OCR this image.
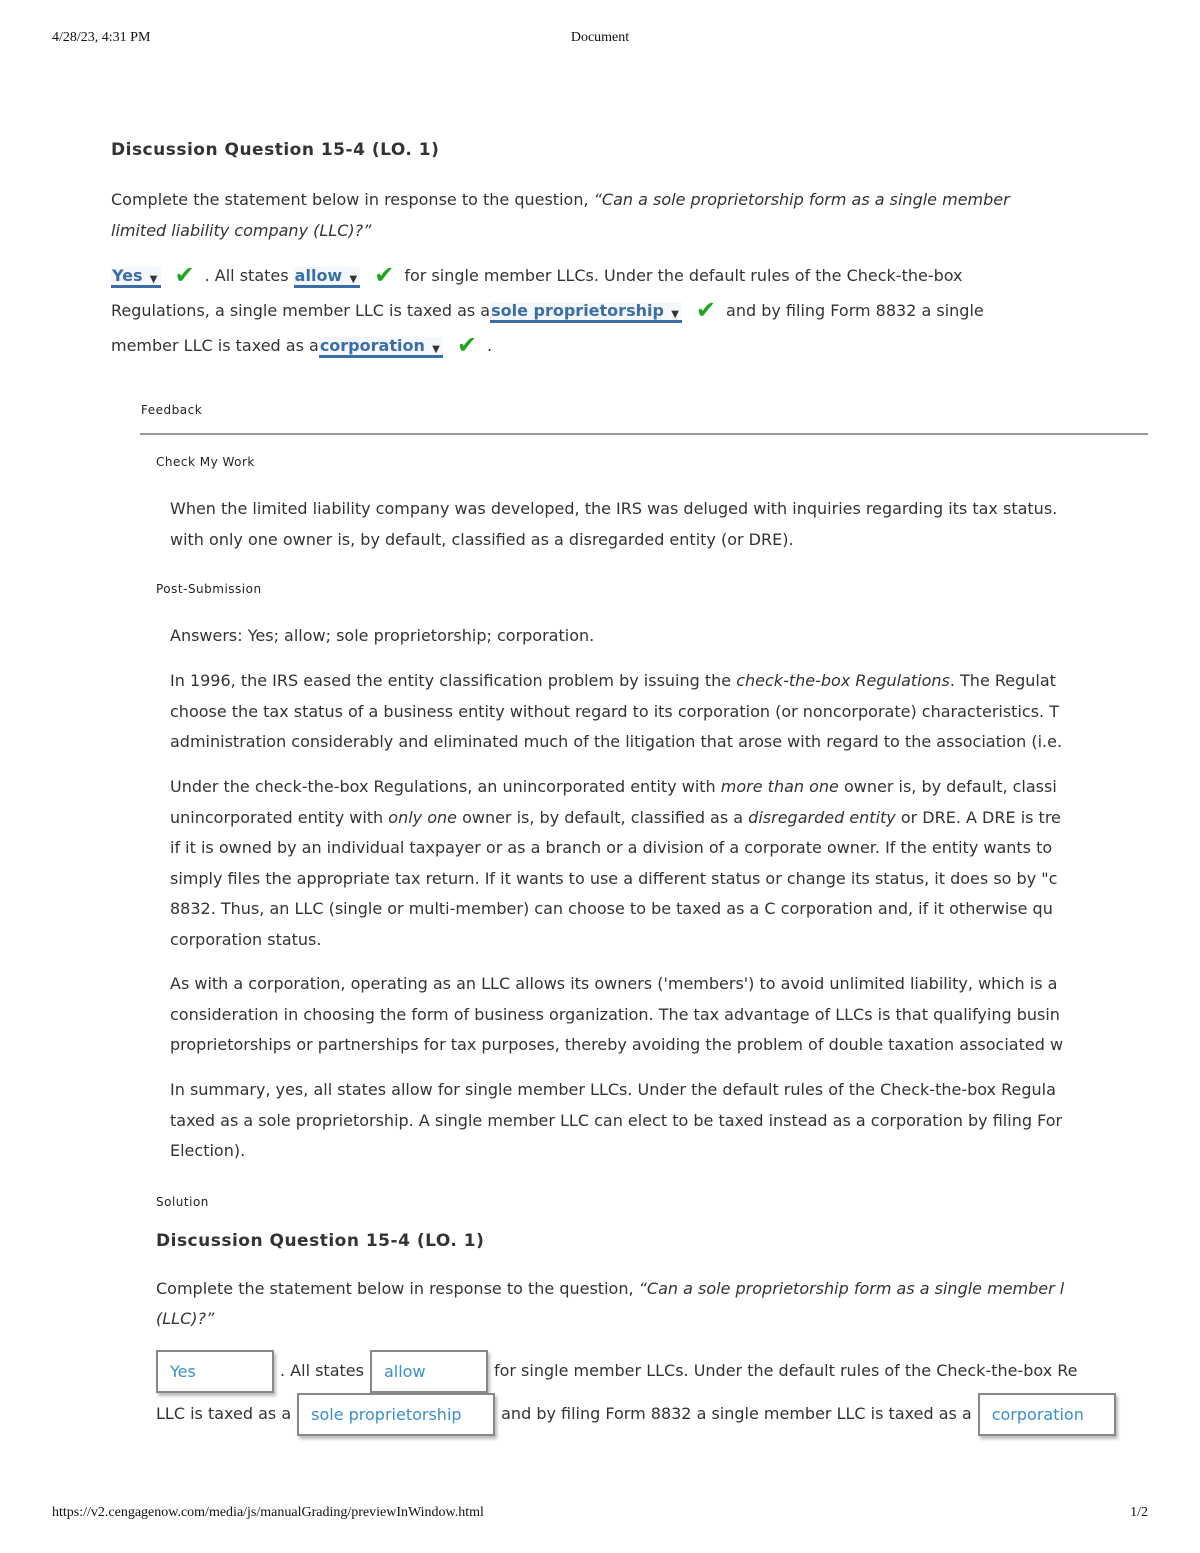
4/28/23, 4:31 PM	Document
Discussion Question 15-4 (LO. 1)
Complete the statement below in response to the question, “Can a sole proprietorship form as a single member
limited liability company (LLC)?”
Yes ▼ ✔ . All states allow ▼ ✔ for single member LLCs. Under the default rules of the Check-the-box
Regulations, a single member LLC is taxed as asole proprietorship ▼ ✔ and by filing Form 8832 a single
member LLC is taxed as acorporation ▼ ✔ .
Feedback
Check My Work
When the limited liability company was developed, the IRS was deluged with inquiries regarding its tax status.
with only one owner is, by default, classified as a disregarded entity (or DRE).
Post-Submission
Answers: Yes; allow; sole proprietorship; corporation.
In 1996, the IRS eased the entity classification problem by issuing the check-the-box Regulations. The Regulat
choose the tax status of a business entity without regard to its corporation (or noncorporate) characteristics. T
administration considerably and eliminated much of the litigation that arose with regard to the association (i.e.
Under the check-the-box Regulations, an unincorporated entity with more than one owner is, by default, classi
unincorporated entity with only one owner is, by default, classified as a disregarded entity or DRE. A DRE is tre
if it is owned by an individual taxpayer or as a branch or a division of a corporate owner. If the entity wants to
simply files the appropriate tax return. If it wants to use a different status or change its status, it does so by "c
8832. Thus, an LLC (single or multi-member) can choose to be taxed as a C corporation and, if it otherwise qu
corporation status.
As with a corporation, operating as an LLC allows its owners ('members') to avoid unlimited liability, which is a
consideration in choosing the form of business organization. The tax advantage of LLCs is that qualifying busin
proprietorships or partnerships for tax purposes, thereby avoiding the problem of double taxation associated w
In summary, yes, all states allow for single member LLCs. Under the default rules of the Check-the-box Regula
taxed as a sole proprietorship. A single member LLC can elect to be taxed instead as a corporation by filing For
Election).
Solution
Discussion Question 15-4 (LO. 1)
Complete the statement below in response to the question, “Can a sole proprietorship form as a single member l
(LLC)?”
Yes	. All states allow	for single member LLCs. Under the default rules of the Check-the-box Re
LLC is taxed as a sole proprietorship and by filing Form 8832 a single member LLC is taxed as a corporation
https://v2.cengagenow.com/media/js/manualGrading/previewInWindow.html	1/2
